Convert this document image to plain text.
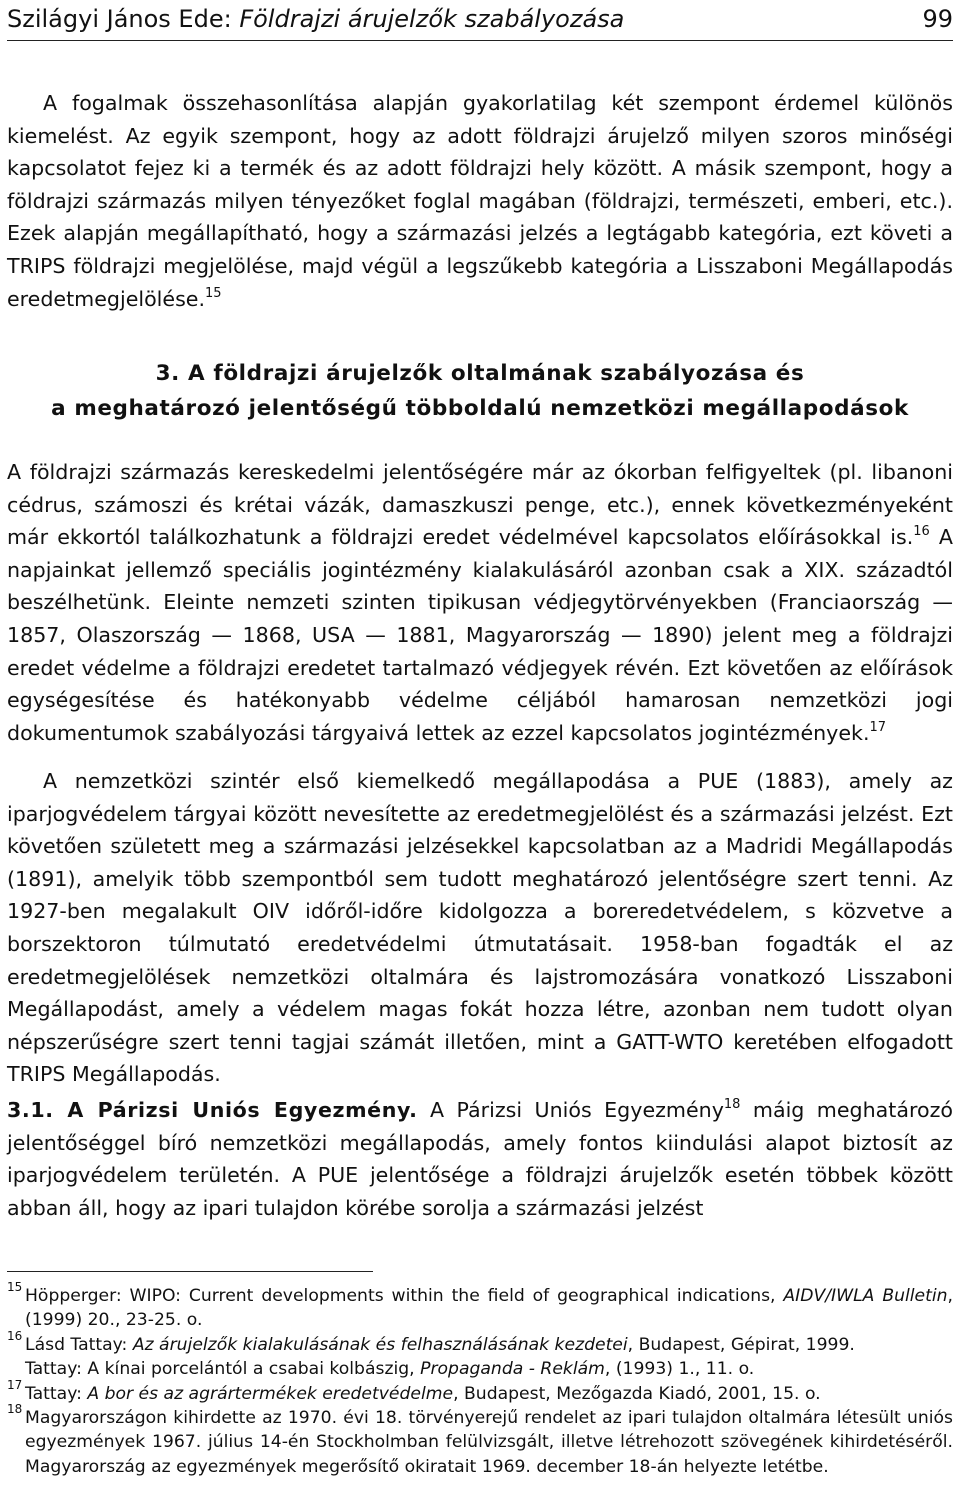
Szilágyi János Ede: Földrajzi árujelzők szabályozása	99

A fogalmak összehasonlítása alapján gyakorlatilag két szempont érdemel különös kiemelést. Az egyik szempont, hogy az adott földrajzi árujelző milyen szoros minőségi kapcsolatot fejez ki a termék és az adott földrajzi hely között. A másik szempont, hogy a földrajzi származás milyen tényezőket foglal magában (földrajzi, természeti, emberi, etc.). Ezek alapján megállapítható, hogy a származási jelzés a legtágabb kategória, ezt követi a TRIPS földrajzi megjelölése, majd végül a legszűkebb kategória a Lisszaboni Megállapodás eredetmegjelölése.$^{15}$

3. A földrajzi árujelzők oltalmának szabályozása és

a meghatározó jelentőségű többoldalú nemzetközi megállapodások

A földrajzi származás kereskedelmi jelentőségére már az ókorban felfigyeltek (pl. libanoni cédrus, számoszi és krétai vázák, damaszkuszi penge, etc.), ennek következményeként már ekkortól találkozhatunk a földrajzi eredet védelmével kapcsolatos előírásokkal is.$^{16}$ A napjainkat jellemző speciális jogintézmény kialakulásáról azonban csak a XIX. századtól beszélhetünk. Eleinte nemzeti szinten tipikusan védjegytörvényekben (Franciaország — 1857, Olaszország — 1868, USA — 1881, Magyarország — 1890) jelent meg a földrajzi eredet védelme a földrajzi eredetet tartalmazó védjegyek révén. Ezt követően az előírások egységesítése és hatékonyabb védelme céljából hamarosan nemzetközi jogi dokumentumok szabályozási tárgyaivá lettek az ezzel kapcsolatos jogintézmények.$^{17}$

A nemzetközi szintér első kiemelkedő megállapodása a PUE (1883), amely az iparjogvédelem tárgyai között nevesítette az eredetmegjelölést és a származási jelzést. Ezt követően született meg a származási jelzésekkel kapcsolatban az a Madridi Megállapodás (1891), amelyik több szempontból sem tudott meghatározó jelentőségre szert tenni. Az 1927-ben megalakult OIV időről-időre kidolgozza a boreredetvédelem, s közvetve a borszektoron túlmutató eredetvédelmi útmutatásait. 1958-ban fogadták el az eredetmegjelölések nemzetközi oltalmára és lajstromozására vonatkozó Lisszaboni Megállapodást, amely a védelem magas fokát hozza létre, azonban nem tudott olyan népszerűségre szert tenni tagjai számát illetően, mint a GATT-WTO keretében elfogadott TRIPS Megállapodás.

3.1. A Párizsi Uniós Egyezmény. A Párizsi Uniós Egyezmény$^{18}$ máig meghatározó jelentőséggel bíró nemzetközi megállapodás, amely fontos kiindulási alapot biztosít az iparjogvédelem területén. A PUE jelentősége a földrajzi árujelzők esetén többek között abban áll, hogy az ipari tulajdon körébe sorolja a származási jelzést

15 Höpperger: WIPO: Current developments within the field of geographical indications, AIDV/IWLA Bulletin, (1999) 20., 23-25. o.

16 Lásd Tattay: Az árujelzők kialakulásának és felhasználásának kezdetei, Budapest, Gépirat, 1999.

Tattay: A kínai porcelántól a csabai kolbászig, Propaganda - Reklám, (1993) 1., 11. o.

17 Tattay: A bor és az agrártermékek eredetvédelme, Budapest, Mezőgazda Kiadó, 2001, 15. o.

18 Magyarországon kihirdette az 1970. évi 18. törvényerejű rendelet az ipari tulajdon oltalmára létesült uniós egyezmények 1967. július 14-én Stockholmban felülvizsgált, illetve létrehozott szövegének kihirdetéséről. Magyarország az egyezmények megerősítő okiratait 1969. december 18-án helyezte letétbe.
